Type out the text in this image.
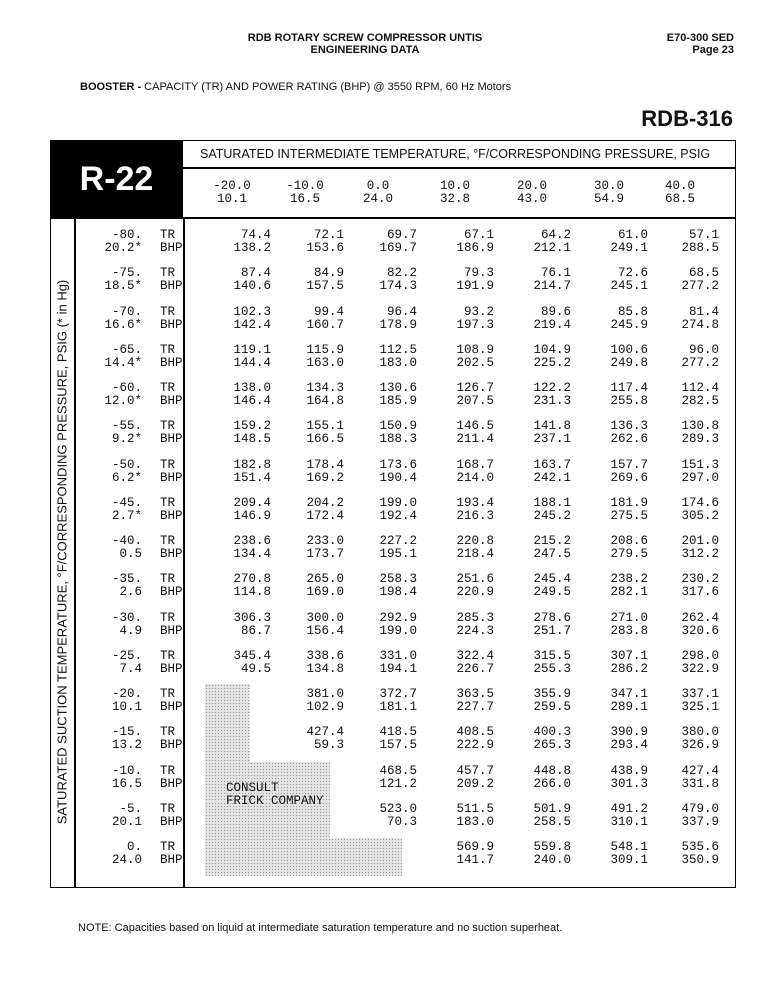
RDB ROTARY SCREW COMPRESSOR UNTIS
ENGINEERING DATA
E70-300 SED
Page 23
BOOSTER - CAPACITY (TR) AND POWER RATING (BHP) @ 3550 RPM, 60 Hz Motors
RDB-316
R-22
SATURATED INTERMEDIATE TEMPERATURE, °F/CORRESPONDING PRESSURE, PSIG
SATURATED SUCTION TEMPERATURE, °F/CORRESPONDING PRESSURE, PSIG (* in Hg)
-20.0
10.1
-10.0
16.5
0.0
24.0
10.0
32.8
20.0
43.0
30.0
54.9
40.0
68.5
-80.
20.2*
TR
BHP
74.4
138.2
72.1
153.6
69.7
169.7
67.1
186.9
64.2
212.1
61.0
249.1
57.1
288.5
-75.
18.5*
TR
BHP
87.4
140.6
84.9
157.5
82.2
174.3
79.3
191.9
76.1
214.7
72.6
245.1
68.5
277.2
-70.
16.6*
TR
BHP
102.3
142.4
99.4
160.7
96.4
178.9
93.2
197.3
89.6
219.4
85.8
245.9
81.4
274.8
-65.
14.4*
TR
BHP
119.1
144.4
115.9
163.0
112.5
183.0
108.9
202.5
104.9
225.2
100.6
249.8
96.0
277.2
-60.
12.0*
TR
BHP
138.0
146.4
134.3
164.8
130.6
185.9
126.7
207.5
122.2
231.3
117.4
255.8
112.4
282.5
-55.
9.2*
TR
BHP
159.2
148.5
155.1
166.5
150.9
188.3
146.5
211.4
141.8
237.1
136.3
262.6
130.8
289.3
-50.
6.2*
TR
BHP
182.8
151.4
178.4
169.2
173.6
190.4
168.7
214.0
163.7
242.1
157.7
269.6
151.3
297.0
-45.
2.7*
TR
BHP
209.4
146.9
204.2
172.4
199.0
192.4
193.4
216.3
188.1
245.2
181.9
275.5
174.6
305.2
-40.
0.5
TR
BHP
238.6
134.4
233.0
173.7
227.2
195.1
220.8
218.4
215.2
247.5
208.6
279.5
201.0
312.2
-35.
2.6
TR
BHP
270.8
114.8
265.0
169.0
258.3
198.4
251.6
220.9
245.4
249.5
238.2
282.1
230.2
317.6
-30.
4.9
TR
BHP
306.3
86.7
300.0
156.4
292.9
199.0
285.3
224.3
278.6
251.7
271.0
283.8
262.4
320.6
-25.
7.4
TR
BHP
345.4
49.5
338.6
134.8
331.0
194.1
322.4
226.7
315.5
255.3
307.1
286.2
298.0
322.9
-20.
10.1
TR
BHP
381.0
102.9
372.7
181.1
363.5
227.7
355.9
259.5
347.1
289.1
337.1
325.1
-15.
13.2
TR
BHP
427.4
59.3
418.5
157.5
408.5
222.9
400.3
265.3
390.9
293.4
380.0
326.9
-10.
16.5
TR
BHP
468.5
121.2
457.7
209.2
448.8
266.0
438.9
301.3
427.4
331.8
-5.
20.1
TR
BHP
523.0
70.3
511.5
183.0
501.9
258.5
491.2
310.1
479.0
337.9
0.
24.0
TR
BHP
569.9
141.7
559.8
240.0
548.1
309.1
535.6
350.9
CONSULT
FRICK COMPANY
NOTE: Capacities based on liquid at intermediate saturation temperature and no suction superheat.
